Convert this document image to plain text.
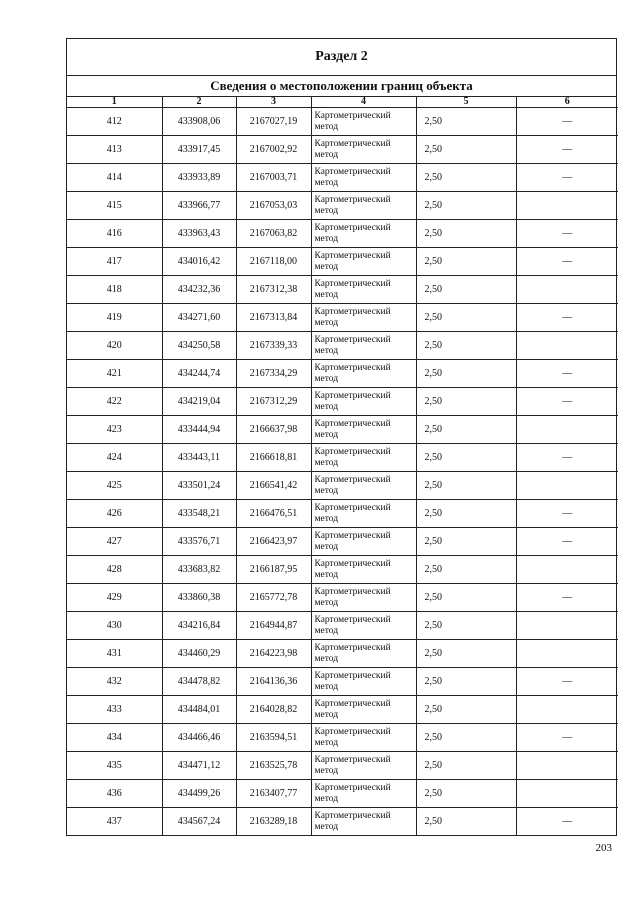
Раздел 2
Сведения о местоположении границ объекта
1	2	3	4	5	6
412	433908,06	2167027,19	Картометрический метод	2,50	—
413	433917,45	2167002,92	Картометрический метод	2,50	—
414	433933,89	2167003,71	Картометрический метод	2,50	—
415	433966,77	2167053,03	Картометрический метод	2,50	
416	433963,43	2167063,82	Картометрический метод	2,50	—
417	434016,42	2167118,00	Картометрический метод	2,50	—
418	434232,36	2167312,38	Картометрический метод	2,50	
419	434271,60	2167313,84	Картометрический метод	2,50	—
420	434250,58	2167339,33	Картометрический метод	2,50	
421	434244,74	2167334,29	Картометрический метод	2,50	—
422	434219,04	2167312,29	Картометрический метод	2,50	—
423	433444,94	2166637,98	Картометрический метод	2,50	
424	433443,11	2166618,81	Картометрический метод	2,50	—
425	433501,24	2166541,42	Картометрический метод	2,50	
426	433548,21	2166476,51	Картометрический метод	2,50	—
427	433576,71	2166423,97	Картометрический метод	2,50	—
428	433683,82	2166187,95	Картометрический метод	2,50	
429	433860,38	2165772,78	Картометрический метод	2,50	—
430	434216,84	2164944,87	Картометрический метод	2,50	
431	434460,29	2164223,98	Картометрический метод	2,50	
432	434478,82	2164136,36	Картометрический метод	2,50	—
433	434484,01	2164028,82	Картометрический метод	2,50	
434	434466,46	2163594,51	Картометрический метод	2,50	—
435	434471,12	2163525,78	Картометрический метод	2,50	
436	434499,26	2163407,77	Картометрический метод	2,50	
437	434567,24	2163289,18	Картометрический метод	2,50	—
203
